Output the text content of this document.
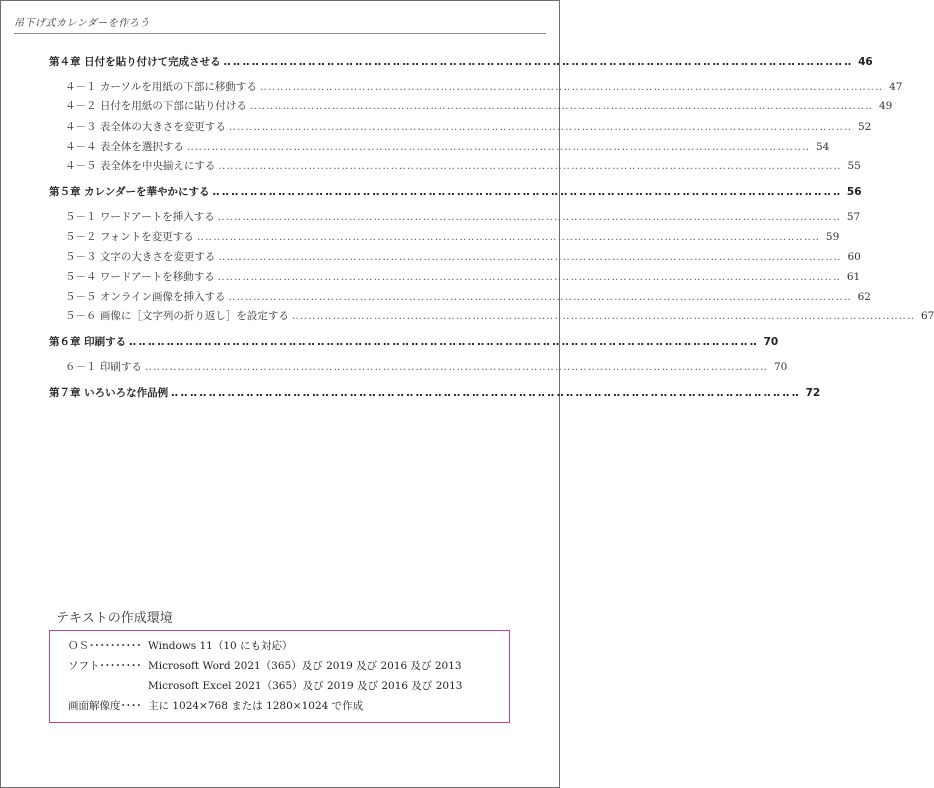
吊下げ式カレンダーを作ろう
第４章 日付を貼り付けて完成させる ‥‥‥‥‥‥‥‥‥‥‥‥‥‥‥‥‥‥‥‥‥‥‥‥‥‥‥‥‥‥‥‥‥‥‥‥‥‥‥‥‥‥‥‥‥‥‥‥‥‥‥‥‥‥‥‥‥‥‥‥‥‥‥‥‥‥‥ 46
４－１ カーソルを用紙の下部に移動する ‥‥‥‥‥‥‥‥‥‥‥‥‥‥‥‥‥‥‥‥‥‥‥‥‥‥‥‥‥‥‥‥‥‥‥‥‥‥‥‥‥‥‥‥‥‥‥‥‥‥‥‥‥‥‥‥‥‥‥‥‥‥‥‥‥‥‥‥‥‥‥‥‥‥‥‥ 47
４－２ 日付を用紙の下部に貼り付ける ‥‥‥‥‥‥‥‥‥‥‥‥‥‥‥‥‥‥‥‥‥‥‥‥‥‥‥‥‥‥‥‥‥‥‥‥‥‥‥‥‥‥‥‥‥‥‥‥‥‥‥‥‥‥‥‥‥‥‥‥‥‥‥‥‥‥‥‥‥‥‥‥‥‥‥‥ 49
４－３ 表全体の大きさを変更する ‥‥‥‥‥‥‥‥‥‥‥‥‥‥‥‥‥‥‥‥‥‥‥‥‥‥‥‥‥‥‥‥‥‥‥‥‥‥‥‥‥‥‥‥‥‥‥‥‥‥‥‥‥‥‥‥‥‥‥‥‥‥‥‥‥‥‥‥‥‥‥‥‥‥‥‥ 52
４－４ 表全体を選択する ‥‥‥‥‥‥‥‥‥‥‥‥‥‥‥‥‥‥‥‥‥‥‥‥‥‥‥‥‥‥‥‥‥‥‥‥‥‥‥‥‥‥‥‥‥‥‥‥‥‥‥‥‥‥‥‥‥‥‥‥‥‥‥‥‥‥‥‥‥‥‥‥‥‥‥‥ 54
４－５ 表全体を中央揃えにする ‥‥‥‥‥‥‥‥‥‥‥‥‥‥‥‥‥‥‥‥‥‥‥‥‥‥‥‥‥‥‥‥‥‥‥‥‥‥‥‥‥‥‥‥‥‥‥‥‥‥‥‥‥‥‥‥‥‥‥‥‥‥‥‥‥‥‥‥‥‥‥‥‥‥‥‥ 55
第５章 カレンダーを華やかにする ‥‥‥‥‥‥‥‥‥‥‥‥‥‥‥‥‥‥‥‥‥‥‥‥‥‥‥‥‥‥‥‥‥‥‥‥‥‥‥‥‥‥‥‥‥‥‥‥‥‥‥‥‥‥‥‥‥‥‥‥‥‥‥‥‥‥‥ 56
５－１ ワードアートを挿入する ‥‥‥‥‥‥‥‥‥‥‥‥‥‥‥‥‥‥‥‥‥‥‥‥‥‥‥‥‥‥‥‥‥‥‥‥‥‥‥‥‥‥‥‥‥‥‥‥‥‥‥‥‥‥‥‥‥‥‥‥‥‥‥‥‥‥‥‥‥‥‥‥‥‥‥‥ 57
５－２ フォントを変更する ‥‥‥‥‥‥‥‥‥‥‥‥‥‥‥‥‥‥‥‥‥‥‥‥‥‥‥‥‥‥‥‥‥‥‥‥‥‥‥‥‥‥‥‥‥‥‥‥‥‥‥‥‥‥‥‥‥‥‥‥‥‥‥‥‥‥‥‥‥‥‥‥‥‥‥‥ 59
５－３ 文字の大きさを変更する ‥‥‥‥‥‥‥‥‥‥‥‥‥‥‥‥‥‥‥‥‥‥‥‥‥‥‥‥‥‥‥‥‥‥‥‥‥‥‥‥‥‥‥‥‥‥‥‥‥‥‥‥‥‥‥‥‥‥‥‥‥‥‥‥‥‥‥‥‥‥‥‥‥‥‥‥ 60
５－４ ワードアートを移動する ‥‥‥‥‥‥‥‥‥‥‥‥‥‥‥‥‥‥‥‥‥‥‥‥‥‥‥‥‥‥‥‥‥‥‥‥‥‥‥‥‥‥‥‥‥‥‥‥‥‥‥‥‥‥‥‥‥‥‥‥‥‥‥‥‥‥‥‥‥‥‥‥‥‥‥‥ 61
５－５ オンライン画像を挿入する ‥‥‥‥‥‥‥‥‥‥‥‥‥‥‥‥‥‥‥‥‥‥‥‥‥‥‥‥‥‥‥‥‥‥‥‥‥‥‥‥‥‥‥‥‥‥‥‥‥‥‥‥‥‥‥‥‥‥‥‥‥‥‥‥‥‥‥‥‥‥‥‥‥‥‥‥ 62
５－６ 画像に［文字列の折り返し］を設定する ‥‥‥‥‥‥‥‥‥‥‥‥‥‥‥‥‥‥‥‥‥‥‥‥‥‥‥‥‥‥‥‥‥‥‥‥‥‥‥‥‥‥‥‥‥‥‥‥‥‥‥‥‥‥‥‥‥‥‥‥‥‥‥‥‥‥‥‥‥‥‥‥‥‥‥‥ 67
第６章 印刷する ‥‥‥‥‥‥‥‥‥‥‥‥‥‥‥‥‥‥‥‥‥‥‥‥‥‥‥‥‥‥‥‥‥‥‥‥‥‥‥‥‥‥‥‥‥‥‥‥‥‥‥‥‥‥‥‥‥‥‥‥‥‥‥‥‥‥‥ 70
６－１ 印刷する ‥‥‥‥‥‥‥‥‥‥‥‥‥‥‥‥‥‥‥‥‥‥‥‥‥‥‥‥‥‥‥‥‥‥‥‥‥‥‥‥‥‥‥‥‥‥‥‥‥‥‥‥‥‥‥‥‥‥‥‥‥‥‥‥‥‥‥‥‥‥‥‥‥‥‥‥ 70
第７章 いろいろな作品例 ‥‥‥‥‥‥‥‥‥‥‥‥‥‥‥‥‥‥‥‥‥‥‥‥‥‥‥‥‥‥‥‥‥‥‥‥‥‥‥‥‥‥‥‥‥‥‥‥‥‥‥‥‥‥‥‥‥‥‥‥‥‥‥‥‥‥‥ 72
テキストの作成環境
ＯＳ･･････････ Windows 11（10 にも対応）
ソフト････････ Microsoft Word 2021（365）及び 2019 及び 2016 及び 2013
Microsoft Excel 2021（365）及び 2019 及び 2016 及び 2013
画面解像度････ 主に 1024×768 または 1280×1024 で作成
